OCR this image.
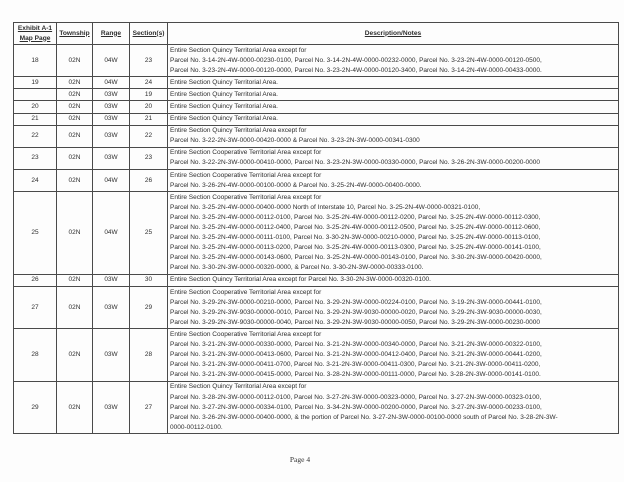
Exhibit A-1
Map Page	Township	Range	Section(s)	Description/Notes
18	02N	04W	23	Entire Section Quincy Territorial Area except for
Parcel No. 3-14-2N-4W-0000-00230-0100, Parcel No. 3-14-2N-4W-0000-00232-0000, Parcel No. 3-23-2N-4W-0000-00120-0500,
Parcel No. 3-23-2N-4W-0000-00120-0000, Parcel No. 3-23-2N-4W-0000-00120-3400, Parcel No. 3-14-2N-4W-0000-00433-0000.

19	02N	04W	24	Entire Section Quincy Territorial Area.

	02N	03W	19	Entire Section Quincy Territorial Area.

20	02N	03W	20	Entire Section Quincy Territorial Area.

21	02N	03W	21	Entire Section Quincy Territorial Area.

22	02N	03W	22	Entire Section Quincy Territorial Area except for
Parcel No. 3-22-2N-3W-0000-00420-0000 & Parcel No. 3-23-2N-3W-0000-00341-0300

23	02N	03W	23	Entire Section Cooperative Territorial Area except for
Parcel No. 3-22-2N-3W-0000-00410-0000, Parcel No. 3-23-2N-3W-0000-00330-0000, Parcel No. 3-26-2N-3W-0000-00200-0000

24	02N	04W	26	Entire Section Cooperative Territorial Area except for
Parcel No. 3-26-2N-4W-0000-00100-0000 & Parcel No. 3-25-2N-4W-0000-00400-0000.

25	02N	04W	25	
Entire Section Cooperative Territorial Area except for
Parcel No. 3-25-2N-4W-0000-00400-0000 North of Interstate 10, Parcel No. 3-25-2N-4W-0000-00321-0100,
Parcel No. 3-25-2N-4W-0000-00112-0100, Parcel No. 3-25-2N-4W-0000-00112-0200, Parcel No. 3-25-2N-4W-0000-00112-0300,
Parcel No. 3-25-2N-4W-0000-00112-0400, Parcel No. 3-25-2N-4W-0000-00112-0500, Parcel No. 3-25-2N-4W-0000-00112-0600,
Parcel No. 3-25-2N-4W-0000-00111-0100, Parcel No. 3-30-2N-3W-0000-00210-0000, Parcel No. 3-25-2N-4W-0000-00113-0100,
Parcel No. 3-25-2N-4W-0000-00113-0200, Parcel No. 3-25-2N-4W-0000-00113-0300, Parcel No. 3-25-2N-4W-0000-00141-0100,
Parcel No. 3-25-2N-4W-0000-00143-0600, Parcel No. 3-25-2N-4W-0000-00143-0100, Parcel No. 3-30-2N-3W-0000-00420-0000,
Parcel No. 3-30-2N-3W-0000-00320-0000, & Parcel No. 3-30-2N-3W-0000-00333-0100.

26	02N	03W	30	Entire Section Quincy Territorial Area except for Parcel No. 3-30-2N-3W-0000-00320-0100.

27	02N	03W	29	Entire Section Cooperative Territorial Area except for
Parcel No. 3-29-2N-3W-0000-00210-0000, Parcel No. 3-29-2N-3W-0000-00224-0100, Parcel No. 3-19-2N-3W-0000-00441-0100,
Parcel No. 3-29-2N-3W-9030-00000-0010, Parcel No. 3-29-2N-3W-9030-00000-0020, Parcel No. 3-29-2N-3W-9030-00000-0030,
Parcel No. 3-29-2N-3W-9030-00000-0040, Parcel No. 3-29-2N-3W-9030-00000-0050, Parcel No. 3-29-2N-3W-0000-00230-0000

28	02N	03W	28	Entire Section Cooperative Territorial Area except for
Parcel No. 3-21-2N-3W-0000-00330-0000, Parcel No. 3-21-2N-3W-0000-00340-0000, Parcel No. 3-21-2N-3W-0000-00322-0100,
Parcel No. 3-21-2N-3W-0000-00413-0600, Parcel No. 3-21-2N-3W-0000-00412-0400, Parcel No. 3-21-2N-3W-0000-00441-0200,
Parcel No. 3-21-2N-3W-0000-00411-0700, Parcel No. 3-21-2N-3W-0000-00411-0300, Parcel No. 3-21-2N-3W-0000-00411-0200,
Parcel No. 3-21-2N-3W-0000-00415-0000, Parcel No. 3-28-2N-3W-0000-00111-0000, Parcel No. 3-28-2N-3W-0000-00141-0100.

29	02N	03W	27	Entire Section Quincy Territorial Area except for
Parcel No. 3-28-2N-3W-0000-00112-0100, Parcel No. 3-27-2N-3W-0000-00323-0000, Parcel No. 3-27-2N-3W-0000-00323-0100,
Parcel No. 3-27-2N-3W-0000-00334-0100, Parcel No. 3-34-2N-3W-0000-00200-0000, Parcel No. 3-27-2N-3W-0000-00233-0100,
Parcel No. 3-26-2N-3W-0000-00400-0000, & the portion of Parcel No. 3-27-2N-3W-0000-00100-0000 south of Parcel No. 3-28-2N-3W-
0000-00112-0100.
Page 4
